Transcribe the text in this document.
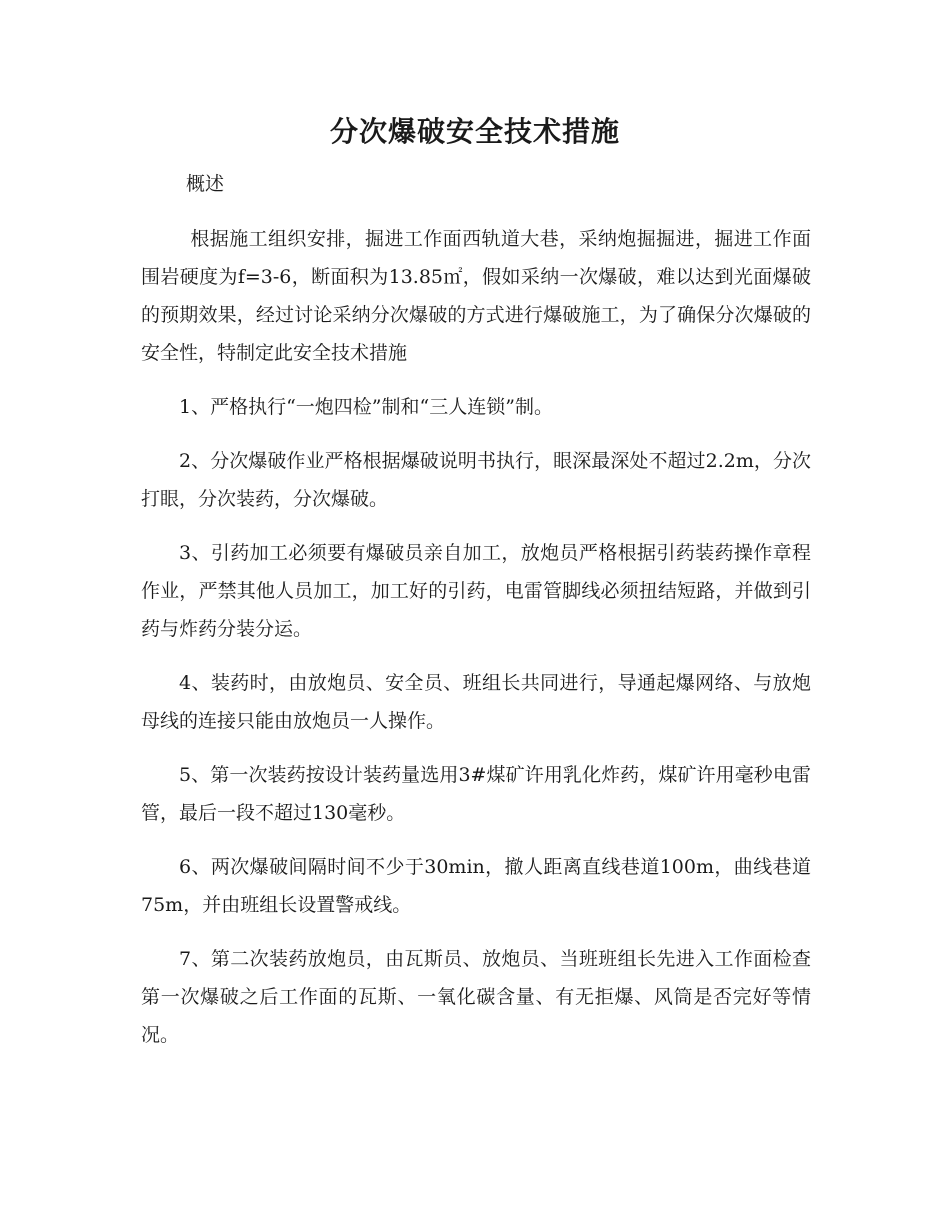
分次爆破安全技术措施
概述

根据施工组织安排，掘进工作面西轨道大巷，采纳炮掘掘进，掘进工作面围岩硬度为f=3-6，断面积为13.85㎡，假如采纳一次爆破，难以达到光面爆破的预期效果，经过讨论采纳分次爆破的方式进行爆破施工，为了确保分次爆破的安全性，特制定此安全技术措施

1、严格执行“一炮四检”制和“三人连锁”制。

2、分次爆破作业严格根据爆破说明书执行，眼深最深处不超过2.2m，分次打眼，分次装药，分次爆破。

3、引药加工必须要有爆破员亲自加工，放炮员严格根据引药装药操作章程作业，严禁其他人员加工，加工好的引药，电雷管脚线必须扭结短路，并做到引药与炸药分装分运。

4、装药时，由放炮员、安全员、班组长共同进行，导通起爆网络、与放炮母线的连接只能由放炮员一人操作。

5、第一次装药按设计装药量选用3#煤矿许用乳化炸药，煤矿许用毫秒电雷管，最后一段不超过130毫秒。

6、两次爆破间隔时间不少于30min，撤人距离直线巷道100m，曲线巷道75m，并由班组长设置警戒线。

7、第二次装药放炮员，由瓦斯员、放炮员、当班班组长先进入工作面检查第一次爆破之后工作面的瓦斯、一氧化碳含量、有无拒爆、风筒是否完好等情况。
